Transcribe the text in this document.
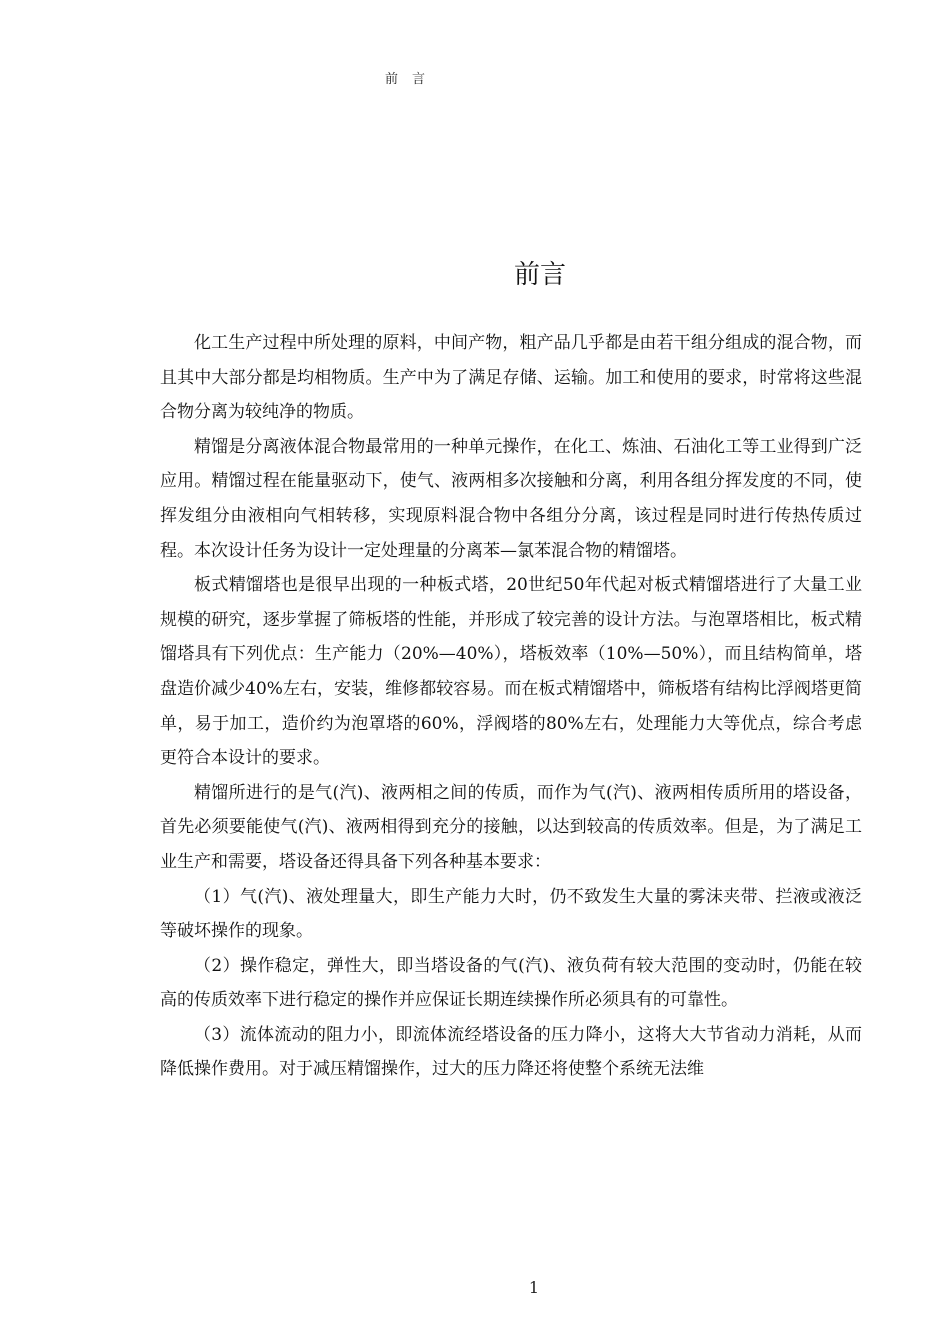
前言
前言

化工生产过程中所处理的原料，中间产物，粗产品几乎都是由若干组分组成的混合物，而且其中大部分都是均相物质。生产中为了满足存储、运输。加工和使用的要求，时常将这些混合物分离为较纯净的物质。

精馏是分离液体混合物最常用的一种单元操作，在化工、炼油、石油化工等工业得到广泛应用。精馏过程在能量驱动下，使气、液两相多次接触和分离，利用各组分挥发度的不同，使挥发组分由液相向气相转移，实现原料混合物中各组分分离，该过程是同时进行传热传质过程。本次设计任务为设计一定处理量的分离苯—氯苯混合物的精馏塔。

板式精馏塔也是很早出现的一种板式塔，20世纪50年代起对板式精馏塔进行了大量工业规模的研究，逐步掌握了筛板塔的性能，并形成了较完善的设计方法。与泡罩塔相比，板式精馏塔具有下列优点：生产能力（20%—40%），塔板效率（10%—50%），而且结构简单，塔盘造价减少40%左右，安装，维修都较容易。而在板式精馏塔中，筛板塔有结构比浮阀塔更简单，易于加工，造价约为泡罩塔的60%，浮阀塔的80%左右，处理能力大等优点，综合考虑更符合本设计的要求。

精馏所进行的是气(汽)、液两相之间的传质，而作为气(汽)、液两相传质所用的塔设备，首先必须要能使气(汽)、液两相得到充分的接触，以达到较高的传质效率。但是，为了满足工业生产和需要，塔设备还得具备下列各种基本要求：

（1）气(汽)、液处理量大，即生产能力大时，仍不致发生大量的雾沫夹带、拦液或液泛等破坏操作的现象。

（2）操作稳定，弹性大，即当塔设备的气(汽)、液负荷有较大范围的变动时，仍能在较高的传质效率下进行稳定的操作并应保证长期连续操作所必须具有的可靠性。

（3）流体流动的阻力小，即流体流经塔设备的压力降小，这将大大节省动力消耗，从而降低操作费用。对于减压精馏操作，过大的压力降还将使整个系统无法维

1
